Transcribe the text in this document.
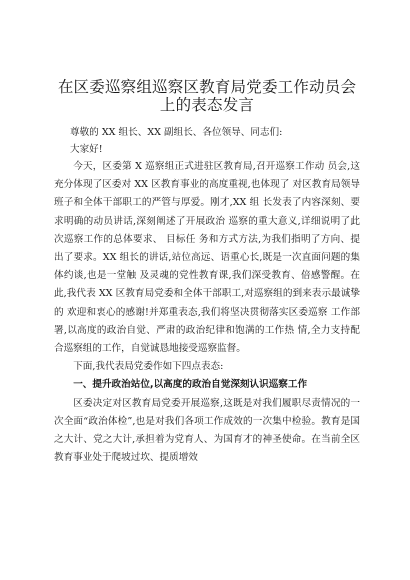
在区委巡察组巡察区教育局党委工作动员会上的表态发言

尊敬的 XX 组长、XX 副组长、各位领导、同志们:

大家好!

今天，区委第 X 巡察组正式进驻区教育局,召开巡察工作动 员会,这充分体现了区委对 XX 区教育事业的高度重视,也体现了 对区教育局领导班子和全体干部职工的严管与厚爱。刚才,XX 组 长发表了内容深刻、要求明确的动员讲话,深刻阐述了开展政治 巡察的重大意义,详细说明了此次巡察工作的总体要求、 目标任 务和方式方法,为我们指明了方向、提出了要求。XX 组长的讲话,站位高远、语重心长,既是一次直面问题的集体约谈,也是一堂触 及灵魂的党性教育课,我们深受教育、倍感警醒。在此,我代表 XX 区教育局党委和全体干部职工,对巡察组的到来表示最诚挚的 欢迎和衷心的感谢!并郑重表态,我们将坚决贯彻落实区委巡察 工作部署,以高度的政治自觉、严肃的政治纪律和饱满的工作热 情,全力支持配合巡察组的工作，自觉诚恳地接受巡察监督。

下面,我代表局党委作如下四点表态:

一、提升政治站位,以高度的政治自觉深刻认识巡察工作

区委决定对区教育局党委开展巡察,这既是对我们履职尽责情况的一次全面“政治体检”,也是对我们各项工作成效的一次集中检验。教育是国之大计、党之大计,承担着为党育人、为国育才的神圣使命。在当前全区教育事业处于爬坡过坎、提质增效
